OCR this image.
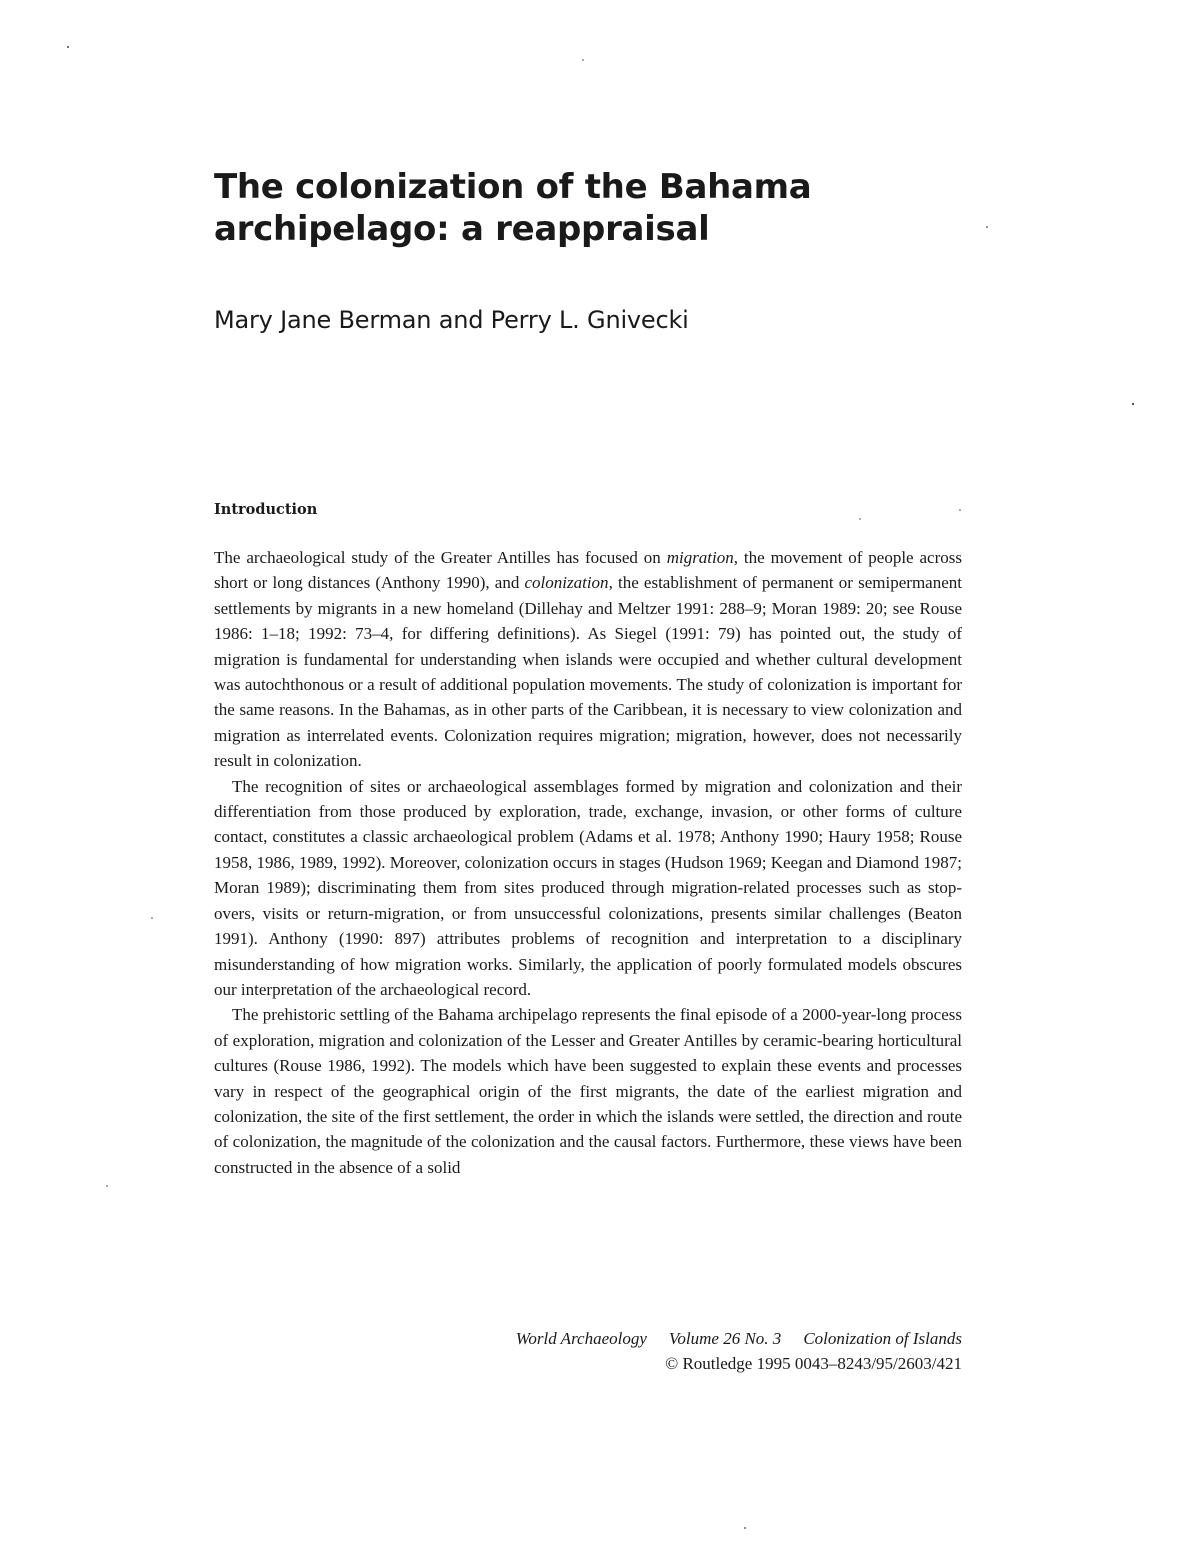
The colonization of the Bahama
archipelago: a reappraisal
Mary Jane Berman and Perry L. Gnivecki
Introduction

The archaeological study of the Greater Antilles has focused on migration, the movement of people across short or long distances (Anthony 1990), and colonization, the establishment of permanent or semipermanent settlements by migrants in a new homeland (Dillehay and Meltzer 1991: 288–9; Moran 1989: 20; see Rouse 1986: 1–18; 1992: 73–4, for differing definitions). As Siegel (1991: 79) has pointed out, the study of migration is fundamental for understanding when islands were occupied and whether cultural development was autochthonous or a result of additional population movements. The study of colonization is important for the same reasons. In the Bahamas, as in other parts of the Caribbean, it is necessary to view colonization and migration as interrelated events. Colonization requires migration; migration, however, does not necessarily result in colonization.

The recognition of sites or archaeological assemblages formed by migration and colonization and their differentiation from those produced by exploration, trade, exchange, invasion, or other forms of culture contact, constitutes a classic archaeological problem (Adams et al. 1978; Anthony 1990; Haury 1958; Rouse 1958, 1986, 1989, 1992). Moreover, colonization occurs in stages (Hudson 1969; Keegan and Diamond 1987; Moran 1989); discriminating them from sites produced through migration-related processes such as stop-overs, visits or return-migration, or from unsuccessful colonizations, presents similar challenges (Beaton 1991). Anthony (1990: 897) attributes problems of recognition and interpretation to a disciplinary misunderstanding of how migration works. Similarly, the application of poorly formulated models obscures our interpretation of the archaeological record.

The prehistoric settling of the Bahama archipelago represents the final episode of a 2000-year-long process of exploration, migration and colonization of the Lesser and Greater Antilles by ceramic-bearing horticultural cultures (Rouse 1986, 1992). The models which have been suggested to explain these events and processes vary in respect of the geographical origin of the first migrants, the date of the earliest migration and colonization, the site of the first settlement, the order in which the islands were settled, the direction and route of colonization, the magnitude of the colonization and the causal factors. Furthermore, these views have been constructed in the absence of a solid

World Archaeology Volume 26 No. 3 Colonization of Islands
© Routledge 1995 0043–8243/95/2603/421
